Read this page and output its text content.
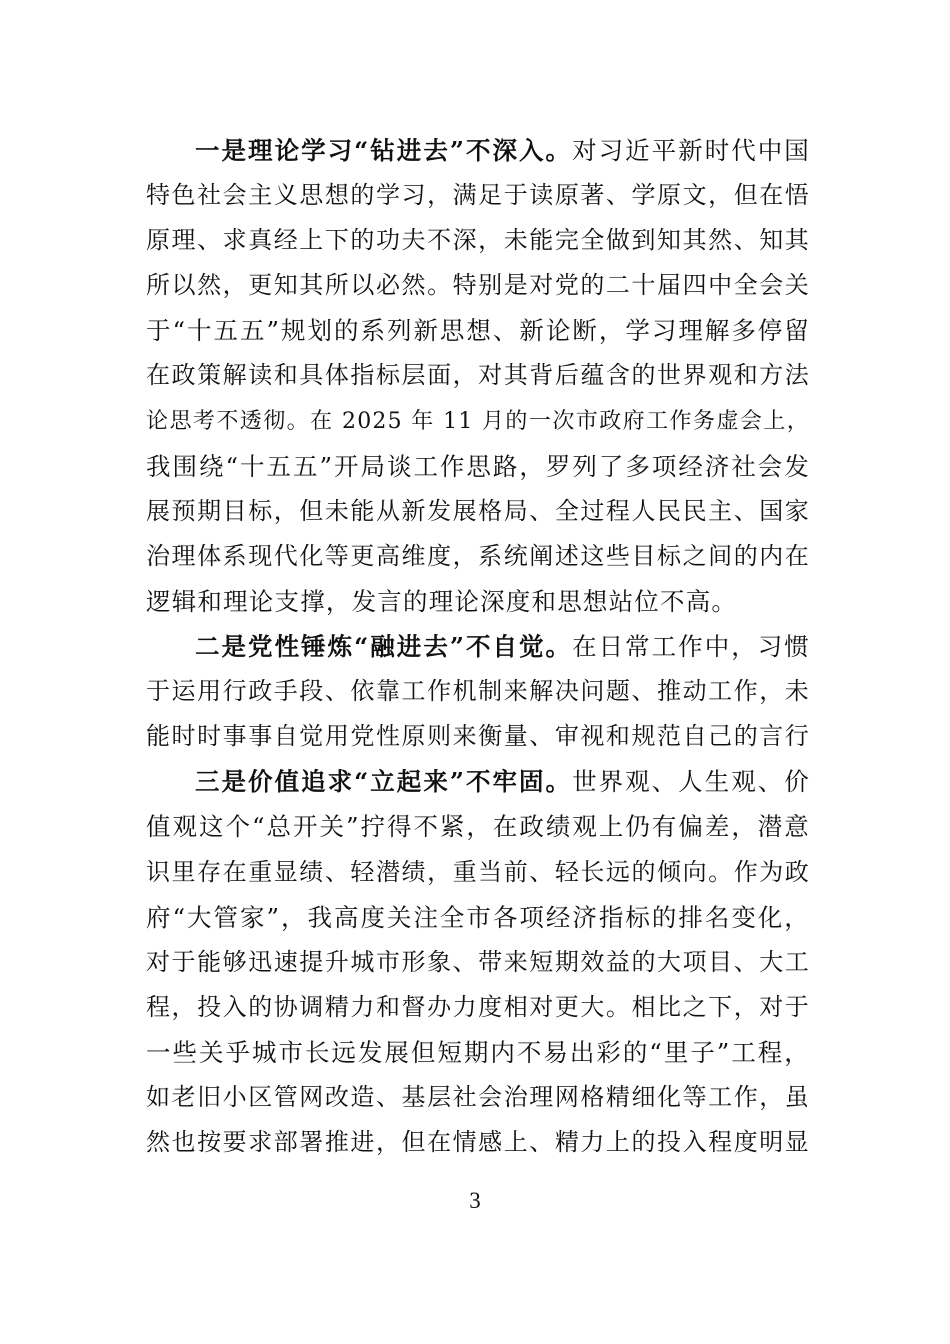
一是理论学习“钻进去”不深入。对习近平新时代中国
特色社会主义思想的学习，满足于读原著、学原文，但在悟
原理、求真经上下的功夫不深，未能完全做到知其然、知其
所以然，更知其所以必然。特别是对党的二十届四中全会关
于“十五五”规划的系列新思想、新论断，学习理解多停留
在政策解读和具体指标层面，对其背后蕴含的世界观和方法
论思考不透彻。在 2025 年 11 月的一次市政府工作务虚会上，
我围绕“十五五”开局谈工作思路，罗列了多项经济社会发
展预期目标，但未能从新发展格局、全过程人民民主、国家
治理体系现代化等更高维度，系统阐述这些目标之间的内在
逻辑和理论支撑，发言的理论深度和思想站位不高。
二是党性锤炼“融进去”不自觉。在日常工作中，习惯
于运用行政手段、依靠工作机制来解决问题、推动工作，未
能时时事事自觉用党性原则来衡量、审视和规范自己的言行
三是价值追求“立起来”不牢固。世界观、人生观、价
值观这个“总开关”拧得不紧，在政绩观上仍有偏差，潜意
识里存在重显绩、轻潜绩，重当前、轻长远的倾向。作为政
府“大管家”，我高度关注全市各项经济指标的排名变化，
对于能够迅速提升城市形象、带来短期效益的大项目、大工
程，投入的协调精力和督办力度相对更大。相比之下，对于
一些关乎城市长远发展但短期内不易出彩的“里子”工程，
如老旧小区管网改造、基层社会治理网格精细化等工作，虽
然也按要求部署推进，但在情感上、精力上的投入程度明显
3
